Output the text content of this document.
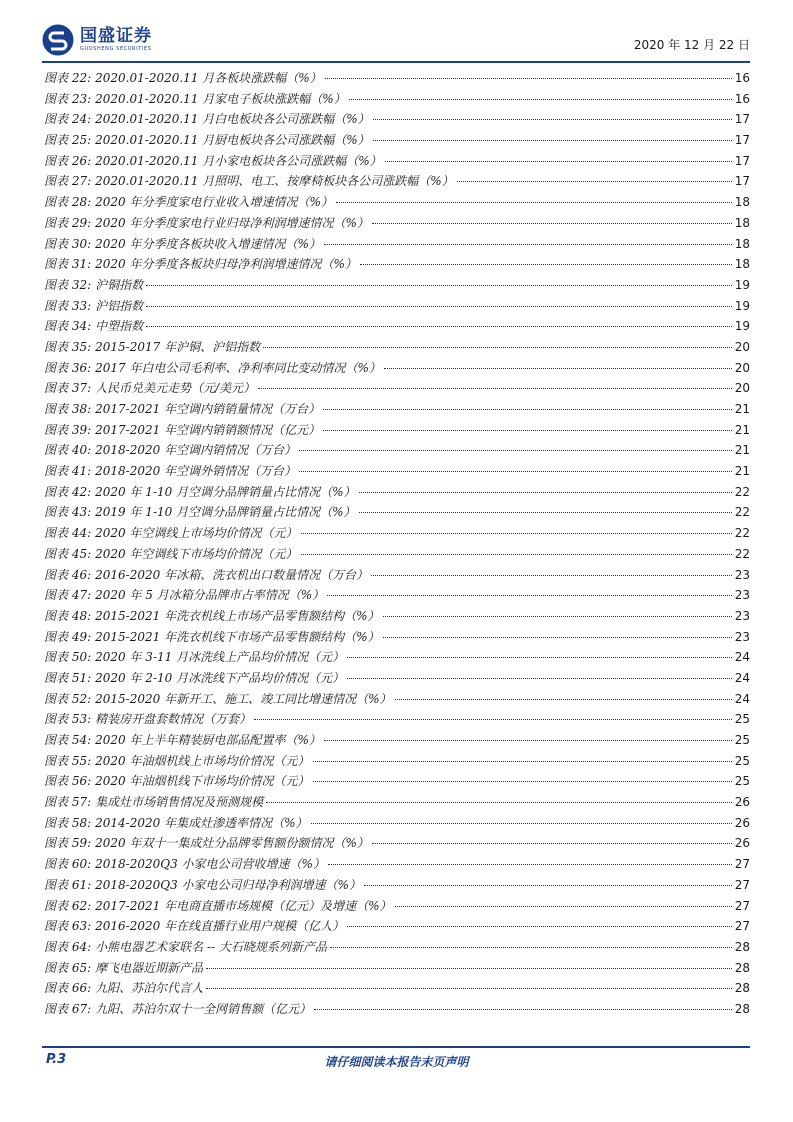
国盛证券
GUOSHENG SECURITIES	2020 年 12 月 22 日
图表 22: 2020.01-2020.11 月各板块涨跌幅（%）	16
图表 23: 2020.01-2020.11 月家电子板块涨跌幅（%）	16
图表 24: 2020.01-2020.11 月白电板块各公司涨跌幅（%）	17
图表 25: 2020.01-2020.11 月厨电板块各公司涨跌幅（%）	17
图表 26: 2020.01-2020.11 月小家电板块各公司涨跌幅（%）	17
图表 27: 2020.01-2020.11 月照明、电工、按摩椅板块各公司涨跌幅（%）	17
图表 28: 2020 年分季度家电行业收入增速情况（%）	18
图表 29: 2020 年分季度家电行业归母净利润增速情况（%）	18
图表 30: 2020 年分季度各板块收入增速情况（%）	18
图表 31: 2020 年分季度各板块归母净利润增速情况（%）	18
图表 32: 沪铜指数	19
图表 33: 沪铝指数	19
图表 34: 中塑指数	19
图表 35: 2015-2017 年沪铜、沪铝指数	20
图表 36: 2017 年白电公司毛利率、净利率同比变动情况（%）	20
图表 37: 人民币兑美元走势（元/美元）	20
图表 38: 2017-2021 年空调内销销量情况（万台）	21
图表 39: 2017-2021 年空调内销销额情况（亿元）	21
图表 40: 2018-2020 年空调内销情况（万台）	21
图表 41: 2018-2020 年空调外销情况（万台）	21
图表 42: 2020 年 1-10 月空调分品牌销量占比情况（%）	22
图表 43: 2019 年 1-10 月空调分品牌销量占比情况（%）	22
图表 44: 2020 年空调线上市场均价情况（元）	22
图表 45: 2020 年空调线下市场均价情况（元）	22
图表 46: 2016-2020 年冰箱、洗衣机出口数量情况（万台）	23
图表 47: 2020 年 5 月冰箱分品牌市占率情况（%）	23
图表 48: 2015-2021 年洗衣机线上市场产品零售额结构（%）	23
图表 49: 2015-2021 年洗衣机线下市场产品零售额结构（%）	23
图表 50: 2020 年 3-11 月冰洗线上产品均价情况（元）	24
图表 51: 2020 年 2-10 月冰洗线下产品均价情况（元）	24
图表 52: 2015-2020 年新开工、施工、竣工同比增速情况（%）	24
图表 53: 精装房开盘套数情况（万套）	25
图表 54: 2020 年上半年精装厨电部品配置率（%）	25
图表 55: 2020 年油烟机线上市场均价情况（元）	25
图表 56: 2020 年油烟机线下市场均价情况（元）	25
图表 57: 集成灶市场销售情况及预测规模	26
图表 58: 2014-2020 年集成灶渗透率情况（%）	26
图表 59: 2020 年双十一集成灶分品牌零售额份额情况（%）	26
图表 60: 2018-2020Q3 小家电公司营收增速（%）	27
图表 61: 2018-2020Q3 小家电公司归母净利润增速（%）	27
图表 62: 2017-2021 年电商直播市场规模（亿元）及增速（%）	27
图表 63: 2016-2020 年在线直播行业用户规模（亿人）	27
图表 64: 小熊电器艺术家联名 -- 大石晓规系列新产品	28
图表 65: 摩飞电器近期新产品	28
图表 66: 九阳、苏泊尔代言人	28
图表 67: 九阳、苏泊尔双十一全网销售额（亿元）	28
P.3	请仔细阅读本报告末页声明
